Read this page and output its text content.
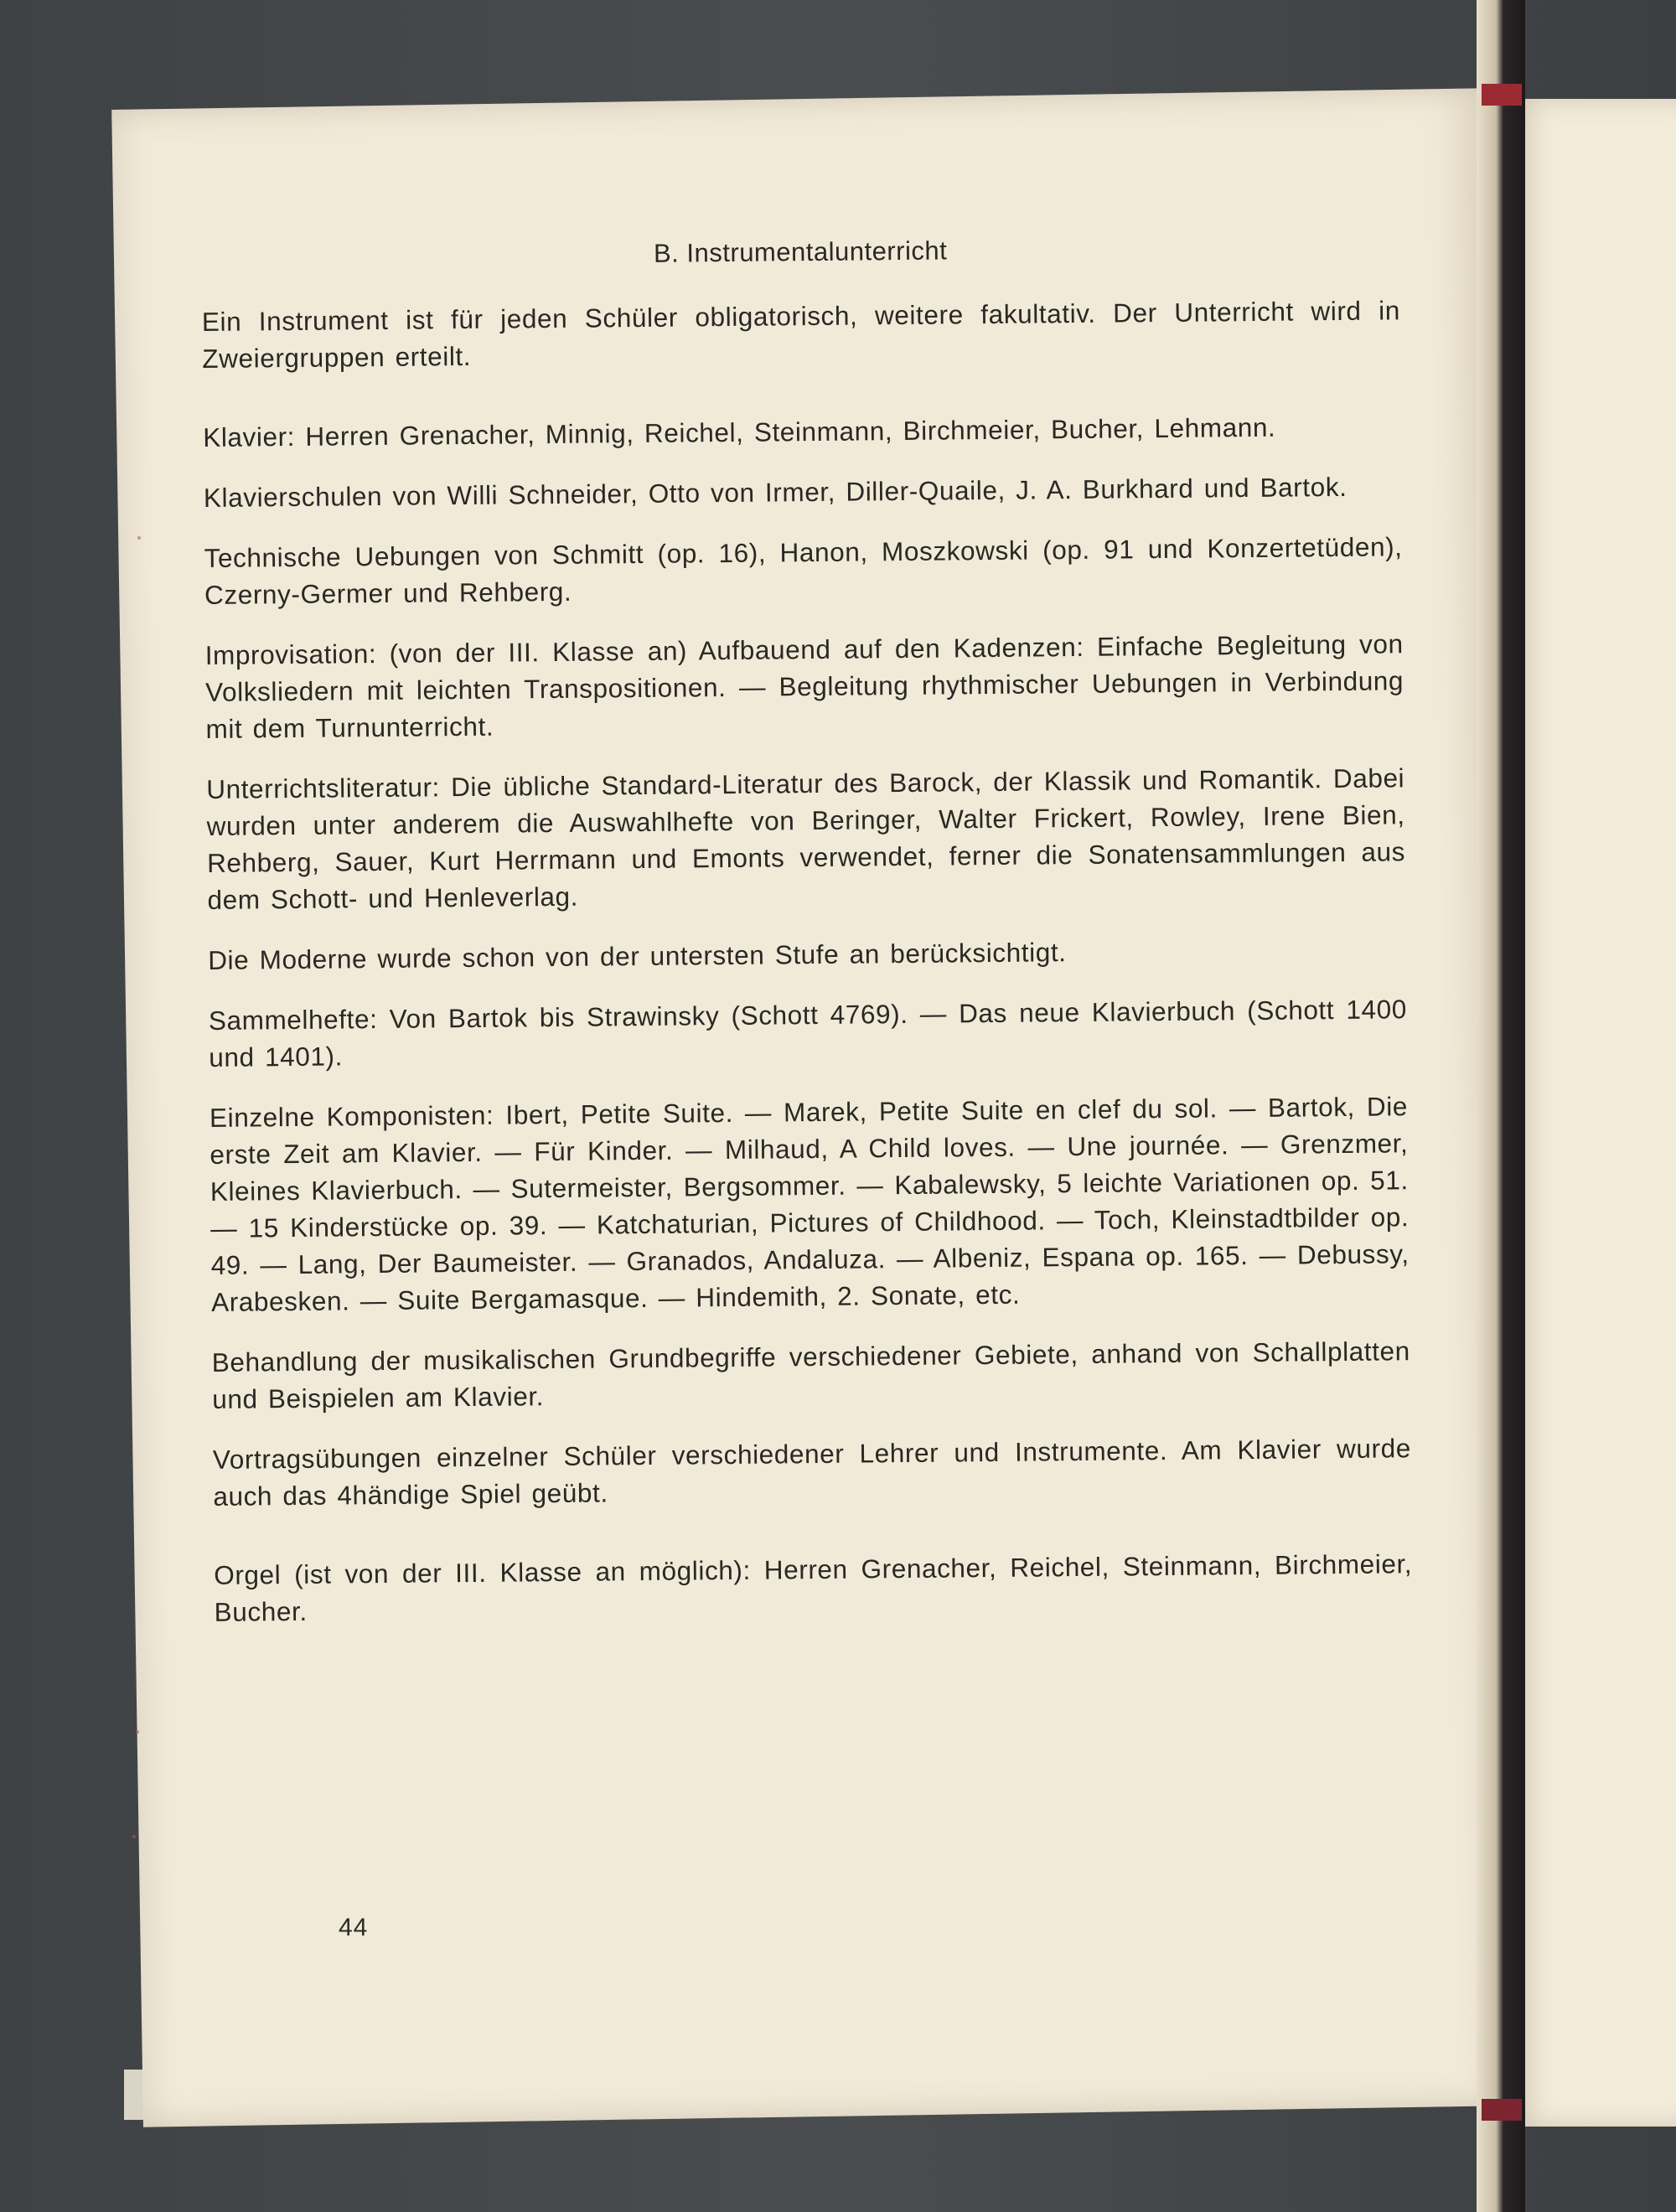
B. Instrumentalunterricht

Ein Instrument ist für jeden Schüler obligatorisch, weitere fakultativ. Der Unterricht wird in Zweiergruppen erteilt.

Klavier: Herren Grenacher, Minnig, Reichel, Steinmann, Birchmeier, Bucher, Lehmann.

Klavierschulen von Willi Schneider, Otto von Irmer, Diller-Quaile, J. A. Burkhard und Bartok.

Technische Uebungen von Schmitt (op. 16), Hanon, Moszkowski (op. 91 und Konzertetüden), Czerny-Germer und Rehberg.

Improvisation: (von der III. Klasse an) Aufbauend auf den Kadenzen: Einfache Begleitung von Volksliedern mit leichten Transpositionen. — Begleitung rhythmischer Uebungen in Verbindung mit dem Turnunterricht.

Unterrichtsliteratur: Die übliche Standard-Literatur des Barock, der Klassik und Romantik. Dabei wurden unter anderem die Auswahlhefte von Beringer, Walter Frickert, Rowley, Irene Bien, Rehberg, Sauer, Kurt Herrmann und Emonts verwendet, ferner die Sonatensammlungen aus dem Schott- und Henleverlag.

Die Moderne wurde schon von der untersten Stufe an berücksichtigt.

Sammelhefte: Von Bartok bis Strawinsky (Schott 4769). — Das neue Klavierbuch (Schott 1400 und 1401).

Einzelne Komponisten: Ibert, Petite Suite. — Marek, Petite Suite en clef du sol. — Bartok, Die erste Zeit am Klavier. — Für Kinder. — Milhaud, A Child loves. — Une journée. — Grenzmer, Kleines Klavierbuch. — Sutermeister, Bergsommer. — Kabalewsky, 5 leichte Variationen op. 51. — 15 Kinderstücke op. 39. — Katchaturian, Pictures of Childhood. — Toch, Kleinstadtbilder op. 49. — Lang, Der Baumeister. — Granados, Andaluza. — Albeniz, Espana op. 165. — Debussy, Arabesken. — Suite Bergamasque. — Hindemith, 2. Sonate, etc.

Behandlung der musikalischen Grundbegriffe verschiedener Gebiete, anhand von Schallplatten und Beispielen am Klavier.

Vortragsübungen einzelner Schüler verschiedener Lehrer und Instrumente. Am Klavier wurde auch das 4händige Spiel geübt.

Orgel (ist von der III. Klasse an möglich): Herren Grenacher, Reichel, Steinmann, Birchmeier, Bucher.

44
